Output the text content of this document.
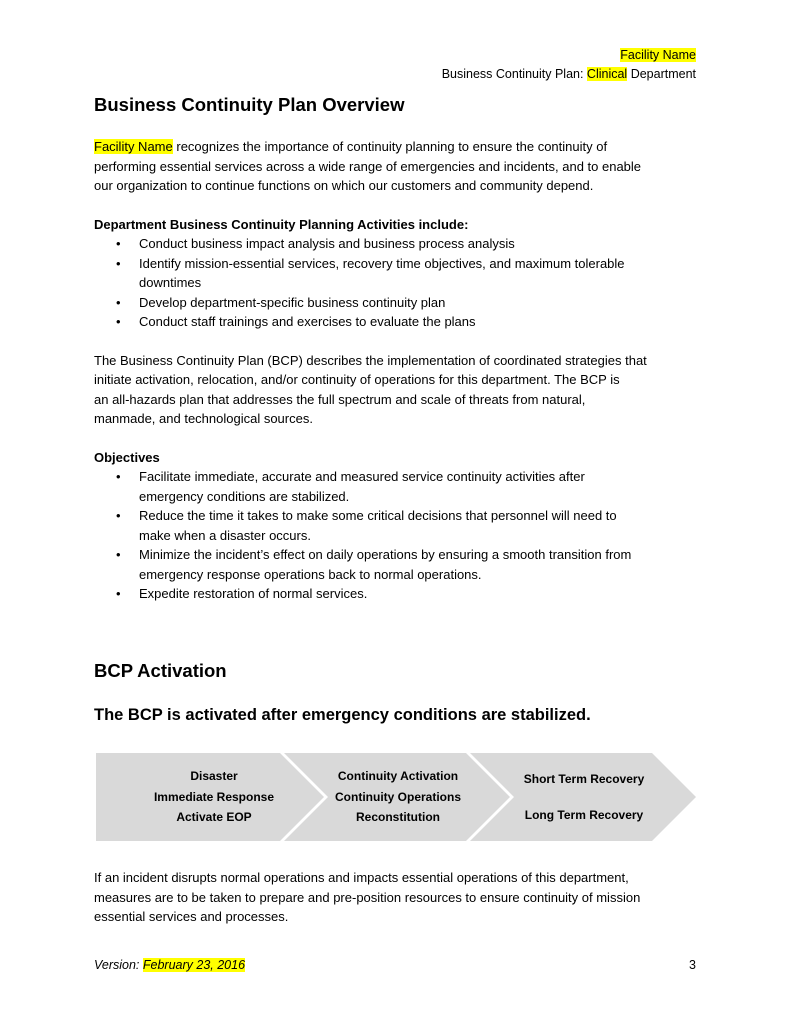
Facility Name
Business Continuity Plan: Clinical Department
Business Continuity Plan Overview

Facility Name recognizes the importance of continuity planning to ensure the continuity of
performing essential services across a wide range of emergencies and incidents, and to enable
our organization to continue functions on which our customers and community depend.

Department Business Continuity Planning Activities include:

• Conduct business impact analysis and business process analysis
• Identify mission-essential services, recovery time objectives, and maximum tolerable
downtimes
• Develop department-specific business continuity plan
• Conduct staff trainings and exercises to evaluate the plans

The Business Continuity Plan (BCP) describes the implementation of coordinated strategies that
initiate activation, relocation, and/or continuity of operations for this department. The BCP is
an all-hazards plan that addresses the full spectrum and scale of threats from natural,
manmade, and technological sources.

Objectives

• Facilitate immediate, accurate and measured service continuity activities after
emergency conditions are stabilized.
• Reduce the time it takes to make some critical decisions that personnel will need to
make when a disaster occurs.
• Minimize the incident’s effect on daily operations by ensuring a smooth transition from
emergency response operations back to normal operations.
• Expedite restoration of normal services.
BCP Activation
The BCP is activated after emergency conditions are stabilized.
Disaster
Immediate Response
Activate EOP
Continuity Activation
Continuity Operations
Reconstitution
Short Term Recovery
Long Term Recovery

If an incident disrupts normal operations and impacts essential operations of this department,
measures are to be taken to prepare and pre-position resources to ensure continuity of mission
essential services and processes.

Version: February 23, 2016	3
